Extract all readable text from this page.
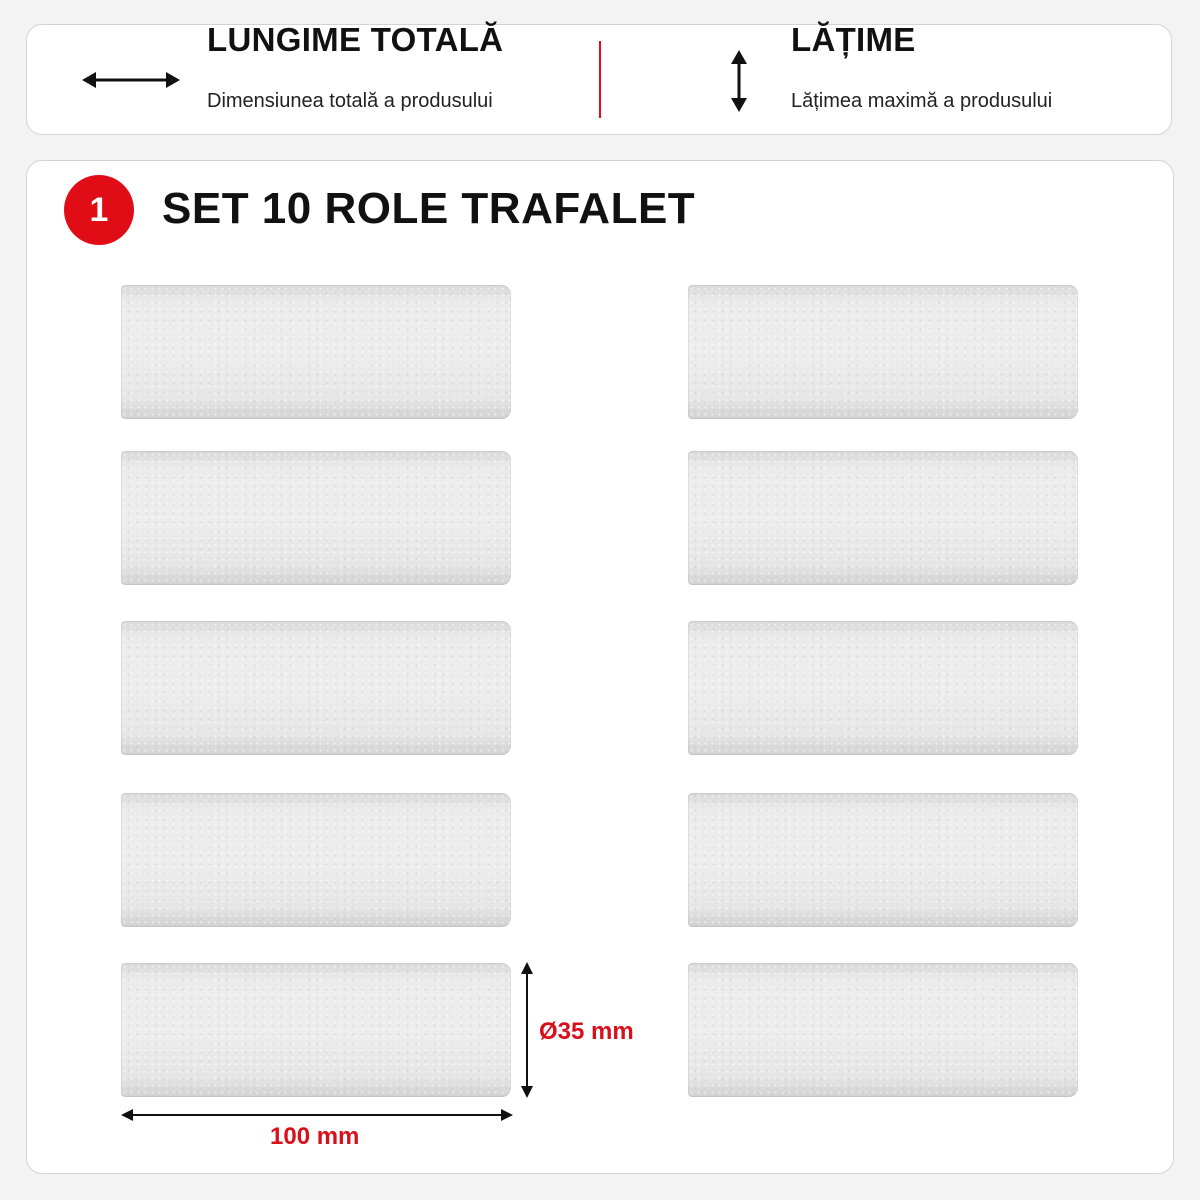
LUNGIME TOTALĂ
Dimensiunea totală a produsului
LĂȚIME
Lățimea maximă a produsului
1	SET 10 ROLE TRAFALET
100 mm
Ø35 mm
